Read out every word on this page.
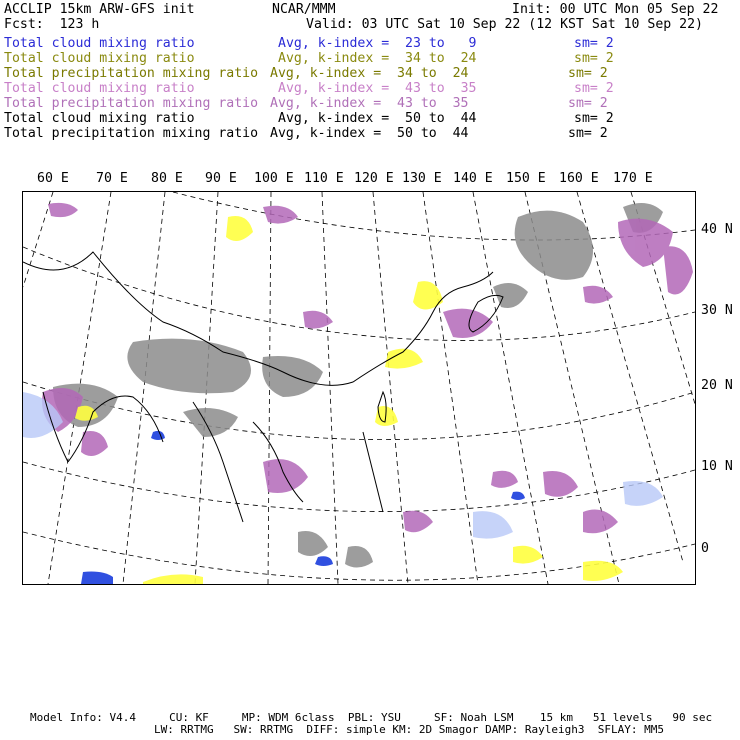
ACCLIP 15km ARW-GFS init	NCAR/MMM	Init: 00 UTC Mon 05 Sep 22
Fcst:  123 h	Valid: 03 UTC Sat 10 Sep 22 (12 KST Sat 10 Sep 22)
Total cloud mixing ratio	Avg, k-index =  23 to   9	sm= 2
Total cloud mixing ratio	Avg, k-index =  34 to  24	sm= 2
Total precipitation mixing ratio Avg, k-index =  34 to  24	sm= 2
Total cloud mixing ratio	Avg, k-index =  43 to  35	sm= 2
Total precipitation mixing ratio Avg, k-index =  43 to  35	sm= 2
Total cloud mixing ratio	Avg, k-index =  50 to  44	sm= 2
Total precipitation mixing ratio Avg, k-index =  50 to  44	sm= 2
60 E 70 E 80 E 90 E 100 E 110 E 120 E 130 E 140 E 150 E 160 E 170 E
40 N
30 N
20 N
10 N
0
Model Info: V4.4     CU: KF     MP: WDM 6class  PBL: YSU     SF: Noah LSM    15 km   51 levels   90 sec
LW: RRTMG   SW: RRTMG  DIFF: simple KM: 2D Smagor DAMP: Rayleigh3  SFLAY: MM5
